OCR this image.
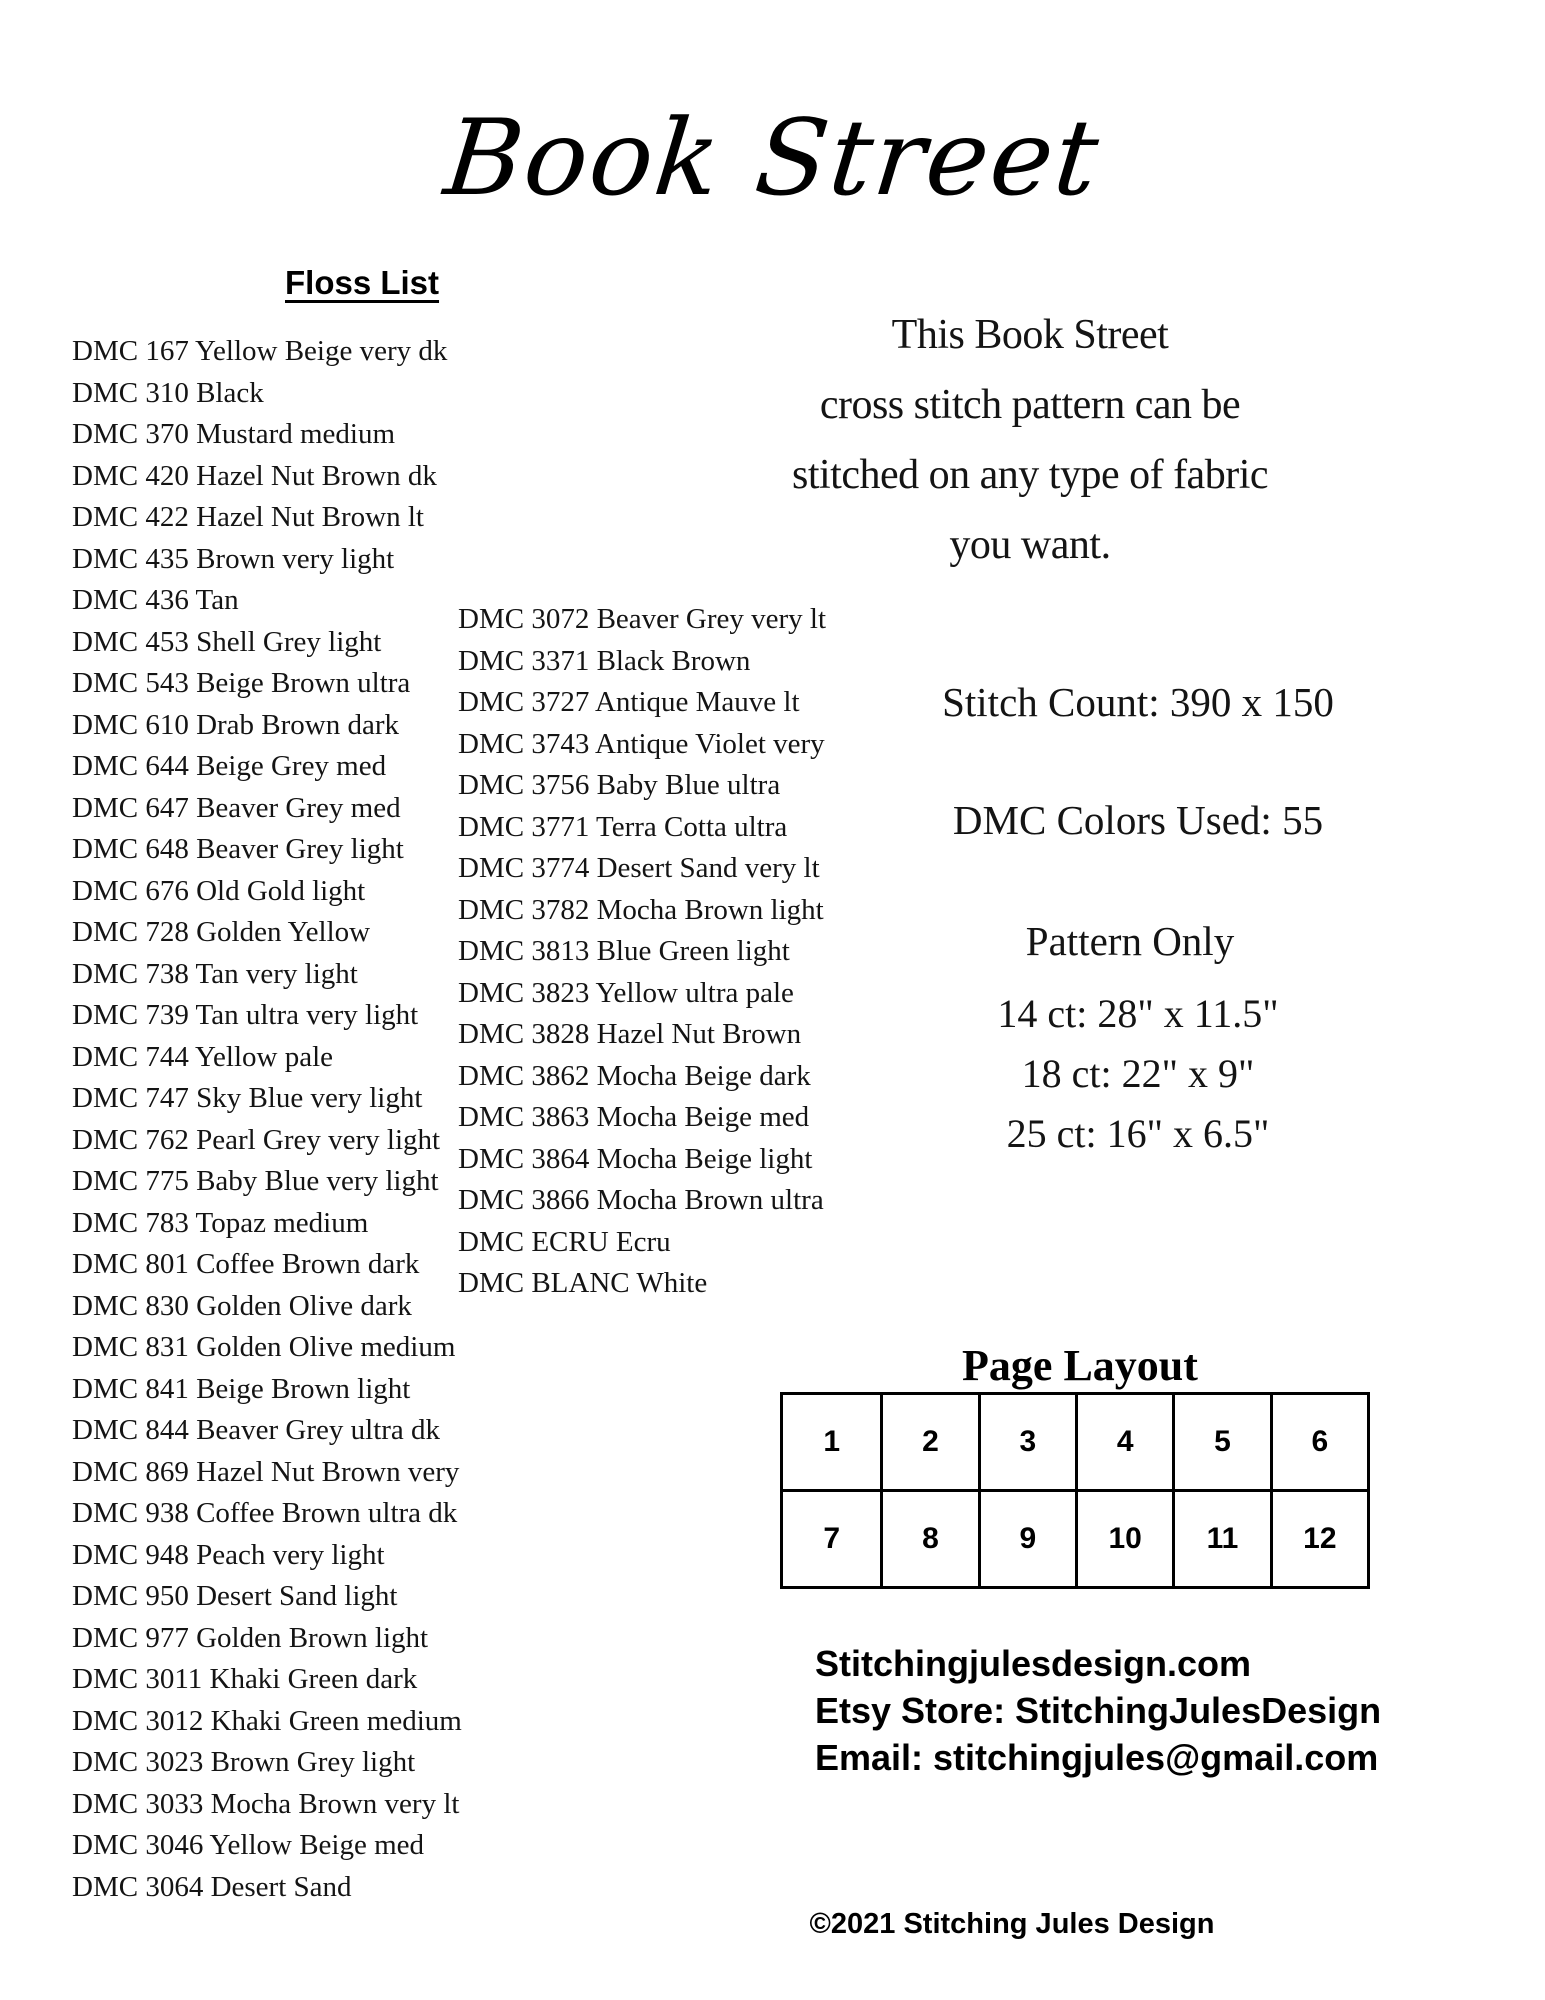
Book Street
Floss List
DMC 167 Yellow Beige very dk
DMC 310 Black
DMC 370 Mustard medium
DMC 420 Hazel Nut Brown dk
DMC 422 Hazel Nut Brown lt
DMC 435 Brown very light
DMC 436 Tan
DMC 453 Shell Grey light
DMC 543 Beige Brown ultra
DMC 610 Drab Brown dark
DMC 644 Beige Grey med
DMC 647 Beaver Grey med
DMC 648 Beaver Grey light
DMC 676 Old Gold light
DMC 728 Golden Yellow
DMC 738 Tan very light
DMC 739 Tan ultra very light
DMC 744 Yellow pale
DMC 747 Sky Blue very light
DMC 762 Pearl Grey very light
DMC 775 Baby Blue very light
DMC 783 Topaz medium
DMC 801 Coffee Brown dark
DMC 830 Golden Olive dark
DMC 831 Golden Olive medium
DMC 841 Beige Brown light
DMC 844 Beaver Grey ultra dk
DMC 869 Hazel Nut Brown very
DMC 938 Coffee Brown ultra dk
DMC 948 Peach very light
DMC 950 Desert Sand light
DMC 977 Golden Brown light
DMC 3011 Khaki Green dark
DMC 3012 Khaki Green medium
DMC 3023 Brown Grey light
DMC 3033 Mocha Brown very lt
DMC 3046 Yellow Beige med
DMC 3064 Desert Sand
DMC 3072 Beaver Grey very lt
DMC 3371 Black Brown
DMC 3727 Antique Mauve lt
DMC 3743 Antique Violet very
DMC 3756 Baby Blue ultra
DMC 3771 Terra Cotta ultra
DMC 3774 Desert Sand very lt
DMC 3782 Mocha Brown light
DMC 3813 Blue Green light
DMC 3823 Yellow ultra pale
DMC 3828 Hazel Nut Brown
DMC 3862 Mocha Beige dark
DMC 3863 Mocha Beige med
DMC 3864 Mocha Beige light
DMC 3866 Mocha Brown ultra
DMC ECRU Ecru
DMC BLANC White
This Book Street
cross stitch pattern can be
stitched on any type of fabric
you want.
Stitch Count: 390 x 150
DMC Colors Used: 55
Pattern Only
14 ct: 28" x 11.5"
18 ct: 22" x 9"
25 ct: 16" x 6.5"
Page Layout
1	2	3	4	5	6
7	8	9	10	11	12
Stitchingjulesdesign.com
Etsy Store: StitchingJulesDesign
Email: stitchingjules@gmail.com
©2021 Stitching Jules Design
